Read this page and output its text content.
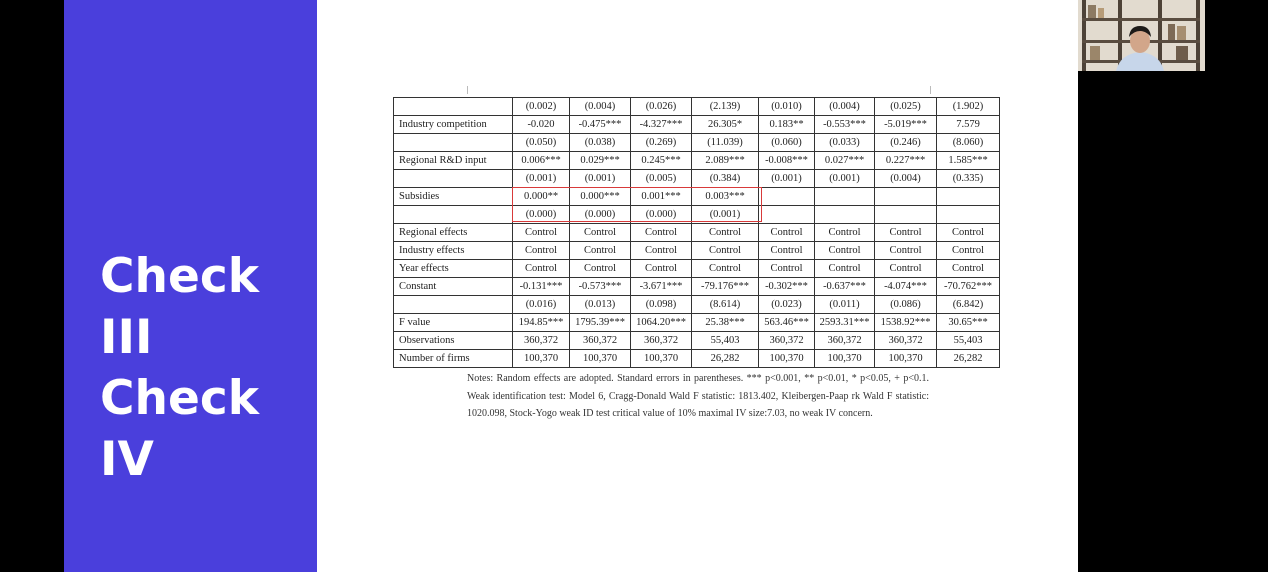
Check
III
Check
IV
	(0.002)	(0.004)	(0.026)	(2.139)	(0.010)	(0.004)	(0.025)	(1.902)
Industry competition	-0.020	-0.475***	-4.327***	26.305*	0.183**	-0.553***	-5.019***	7.579
	(0.050)	(0.038)	(0.269)	(11.039)	(0.060)	(0.033)	(0.246)	(8.060)
Regional R&D input	0.006***	0.029***	0.245***	2.089***	-0.008***	0.027***	0.227***	1.585***
	(0.001)	(0.001)	(0.005)	(0.384)	(0.001)	(0.001)	(0.004)	(0.335)
Subsidies	0.000**	0.000***	0.001***	0.003***				
	(0.000)	(0.000)	(0.000)	(0.001)				
Regional effects	Control	Control	Control	Control	Control	Control	Control	Control
Industry effects	Control	Control	Control	Control	Control	Control	Control	Control
Year effects	Control	Control	Control	Control	Control	Control	Control	Control
Constant	-0.131***	-0.573***	-3.671***	-79.176***	-0.302***	-0.637***	-4.074***	-70.762***
	(0.016)	(0.013)	(0.098)	(8.614)	(0.023)	(0.011)	(0.086)	(6.842)
F value	194.85***	1795.39***	1064.20***	25.38***	563.46***	2593.31***	1538.92***	30.65***
Observations	360,372	360,372	360,372	55,403	360,372	360,372	360,372	55,403
Number of firms	100,370	100,370	100,370	26,282	100,370	100,370	100,370	26,282
Notes: Random effects are adopted. Standard errors in parentheses. *** p<0.001, ** p<0.01, * p<0.05, + p<0.1. Weak identification test: Model 6, Cragg-Donald Wald F statistic: 1813.402, Kleibergen-Paap rk Wald F statistic: 1020.098, Stock-Yogo weak ID test critical value of 10% maximal IV size:7.03, no weak IV concern.
